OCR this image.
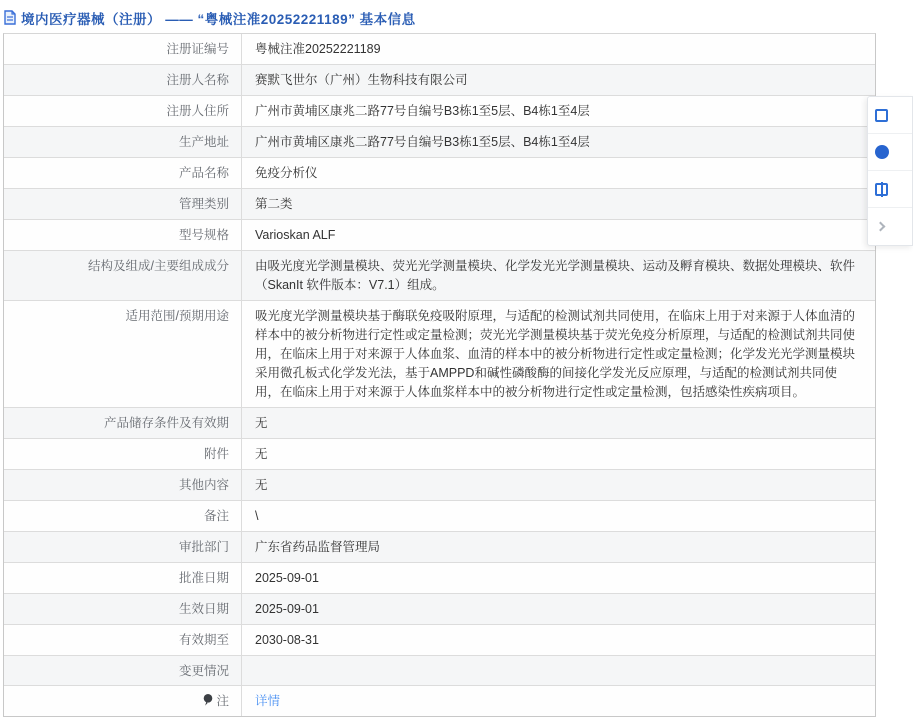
境内医疗器械（注册） —— “粤械注准20252221189” 基本信息
注册证编号	粤械注准20252221189
注册人名称	赛默飞世尔（广州）生物科技有限公司
注册人住所	广州市黄埔区康兆二路77号自编号B3栋1至5层、B4栋1至4层
生产地址	广州市黄埔区康兆二路77号自编号B3栋1至5层、B4栋1至4层
产品名称	免疫分析仪
管理类别	第二类
型号规格	Varioskan ALF
结构及组成/主要组成成分	由吸光度光学测量模块、荧光光学测量模块、化学发光光学测量模块、运动及孵育模块、数据处理模块、软件（SkanIt 软件版本：V7.1）组成。
适用范围/预期用途	吸光度光学测量模块基于酶联免疫吸附原理，与适配的检测试剂共同使用，在临床上用于对来源于人体血清的样本中的被分析物进行定性或定量检测；荧光光学测量模块基于荧光免疫分析原理，与适配的检测试剂共同使用，在临床上用于对来源于人体血浆、血清的样本中的被分析物进行定性或定量检测；化学发光光学测量模块采用微孔板式化学发光法，基于AMPPD和碱性磷酸酶的间接化学发光反应原理，与适配的检测试剂共同使用，在临床上用于对来源于人体血浆样本中的被分析物进行定性或定量检测，包括感染性疾病项目。
产品储存条件及有效期	无
附件	无
其他内容	无
备注	\
审批部门	广东省药品监督管理局
批准日期	2025-09-01
生效日期	2025-09-01
有效期至	2030-08-31
变更情况
注	详情
